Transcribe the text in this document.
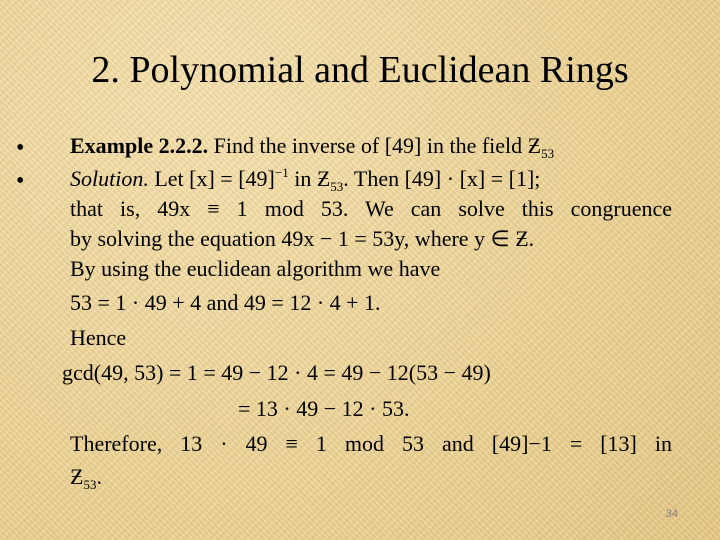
2. Polynomial and Euclidean Rings
• Example 2.2.2. Find the inverse of [49] in the field $Ƶ_{53}$
• Solution. Let $[x] = [49]^{-1}$ in $Ƶ_{53}$. Then [49] · [x] = [1];
that is, 49x ≡ 1 mod 53. We can solve this congruence
by solving the equation 49x − 1 = 53y, where y ∈ Ƶ.
By using the euclidean algorithm we have
53 = 1 · 49 + 4 and 49 = 12 · 4 + 1.
Hence
gcd(49, 53) = 1 = 49 − 12 · 4 = 49 − 12(53 − 49)
= 13 · 49 − 12 · 53.
Therefore, 13 · 49 ≡ 1 mod 53 and [49]−1 = [13] in
$Ƶ_{53}$.
34
